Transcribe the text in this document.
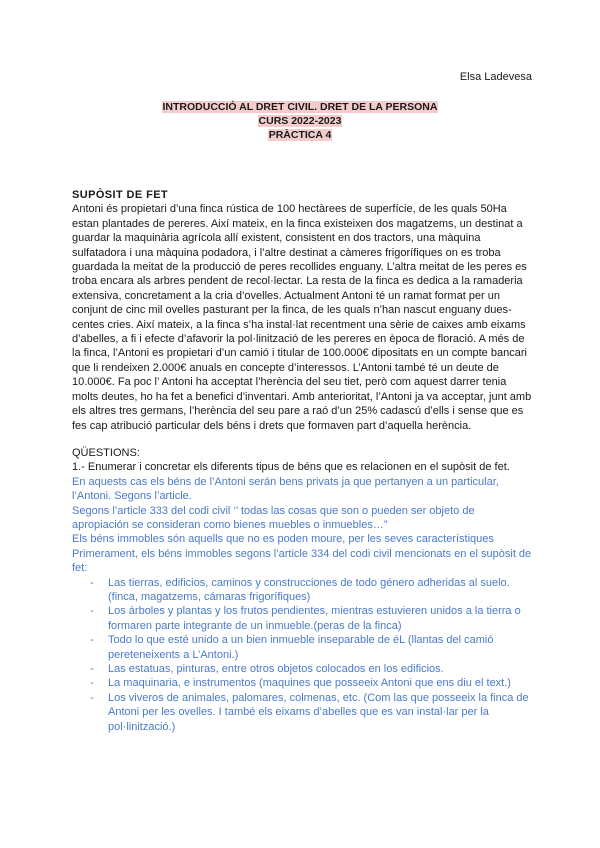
Elsa Ladevesa
INTRODUCCIÓ AL DRET CIVIL. DRET DE LA PERSONA
CURS 2022-2023
PRÀCTICA 4

SUPÒSIT DE FET

Antoni és propietari d’una finca rústica de 100 hectàrees de superfície, de les quals 50Ha estan plantades de pereres. Així mateix, en la finca existeixen dos magatzems, un destinat a guardar la maquinària agrícola allí existent, consistent en dos tractors, una màquina sulfatadora i una màquina podadora, i l’altre destinat a càmeres frigorífiques on es troba guardada la meitat de la producció de peres recollides enguany. L’altra meitat de les peres es troba encara als arbres pendent de recol·lectar. La resta de la finca es dedica a la ramaderia extensiva, concretament a la cria d’ovelles. Actualment Antoni té un ramat format per un conjunt de cinc mil ovelles pasturant per la finca, de les quals n’han nascut enguany dues-centes cries. Així mateix, a la finca s’ha instal·lat recentment una sèrie de caixes amb eixams d’abelles, a fi i efecte d’afavorir la pol·linització de les pereres en època de floració. A més de la finca, l’Antoni es propietari d’un camió i titular de 100.000€ dipositats en un compte bancari que li rendeixen 2.000€ anuals en concepte d’interessos. L’Antoni també té un deute de 10.000€. Fa poc l’ Antoni ha acceptat l’herència del seu tiet, però com aquest darrer tenia molts deutes, ho ha fet a benefici d’inventari. Amb anterioritat, l’Antoni ja va acceptar, junt amb els altres tres germans, l’herència del seu pare a raó d’un 25% cadascú d’ells i sense que es fes cap atribució particular dels béns i drets que formaven part d’aquella herència.

QÜESTIONS:

1.- Enumerar i concretar els diferents tipus de béns que es relacionen en el supòsit de fet.

En aquests cas els béns de l’Antoni serán bens privats ja que pertanyen a un particular, l’Antoni. Segons l’article.

Segons l’article 333 del codi civil ‘’ todas las cosas que son o pueden ser objeto de apropiación se consideran como bienes muebles o inmuebles…”

Els béns immobles són aquells que no es poden moure, per les seves característiques

Primerament, els béns immobles segons l’article 334 del codi civil mencionats en el supòsit de fet:

- Las tierras, edificios, caminos y construcciones de todo género adheridas al suelo. (finca, magatzems, cámaras frigorífiques)
- Los árboles y plantas y los frutos pendientes, mientras estuvieren unidos a la tierra o formaren parte integrante de un inmueble.(peras de la finca)
- Todo lo que esté unido a un bien inmueble inseparable de éL (llantas del camió pereteneixents a L’Antoni.)
- Las estatuas, pinturas, entre otros objetos colocados en los edificios.
- La maquinaria, e instrumentos (maquines que posseeix Antoni que ens diu el text.)
- Los viveros de animales, palomares, colmenas, etc. (Com las que posseeix la finca de Antoni per les ovelles. I també els eixams d’abelles que es van instal·lar per la pol·linització.)
